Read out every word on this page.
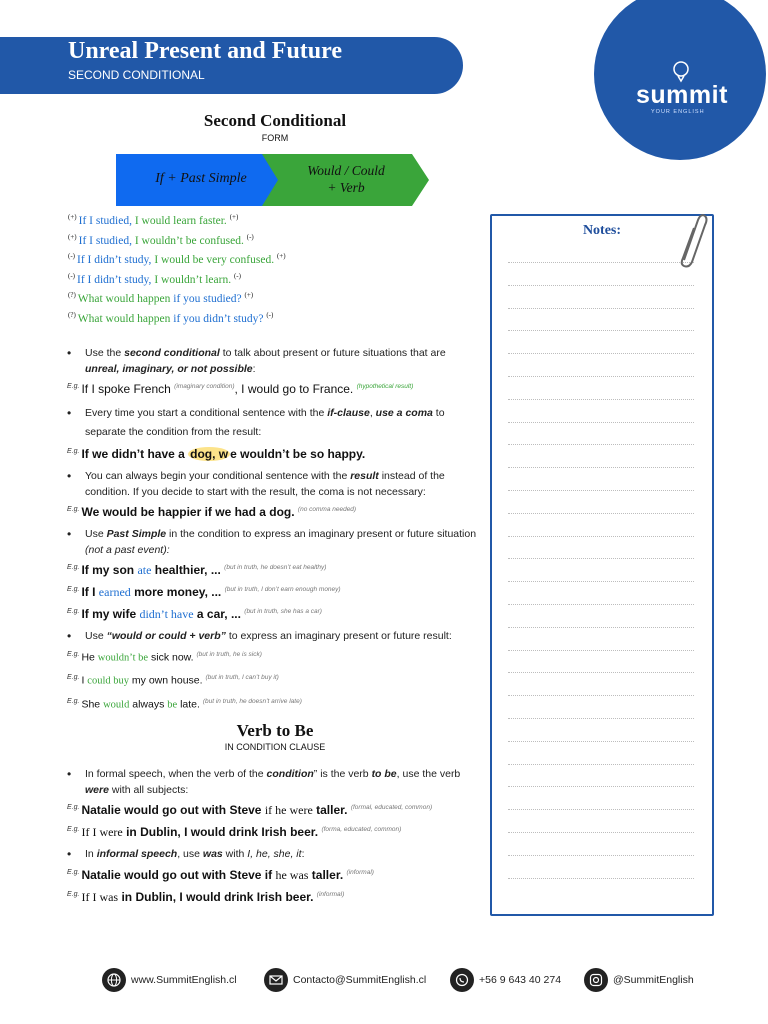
Unreal Present and Future
SECOND CONDITIONAL
summit
YOUR ENGLISH
Second Conditional
FORM
If + Past Simple
Would / Could
+ Verb
(+) If I studied, I would learn faster. (+)
(+) If I studied, I wouldn’t be confused. (-)
(-) If I didn’t study, I would be very confused. (+)
(-) If I didn’t study, I wouldn’t learn. (-)
(?) What would happen if you studied? (+)
(?) What would happen if you didn’t study? (-)
• Use the second conditional to talk about present or future situations that are unreal, imaginary, or not possible:
$^{E.g.}$ If I spoke French $^{(imaginary condition)}$, I would go to France. $^{(hypothetical result)}$
• Every time you start a conditional sentence with the if-clause, use a coma to separate the condition from the result:
$^{E.g.}$ If we didn’t have a dog, w e wouldn’t be so happy.
• You can always begin your conditional sentence with the result instead of the condition. If you decide to start with the result, the coma is not necessary:
$^{E.g.}$ We would be happier if we had a dog. $^{(no comma needed)}$
• Use Past Simple in the condition to express an imaginary present or future situation (not a past event):
$^{E.g.}$ If my son ate healthier, ... $^{(but in truth, he doesn’t eat healthy)}$
$^{E.g.}$ If I earned more money, ... $^{(but in truth, I don’t earn enough money)}$
$^{E.g.}$ If my wife didn’t have a car, ... $^{(but in truth, she has a car)}$
• Use “would or could + verb” to express an imaginary present or future result:
$^{E.g.}$ He wouldn’t be sick now. $^{(but in truth, he is sick)}$
$^{E.g.}$ I could buy my own house. $^{(but in truth, I can’t buy it)}$
$^{E.g.}$ She would always be late. $^{(but in truth, he doesn’t arrive late)}$
Verb to Be
IN CONDITION CLAUSE
• In formal speech, when the verb of the condition” is the verb to be, use the verb were with all subjects:
$^{E.g.}$ Natalie would go out with Steve if he were taller. $^{(formal, educated, common)}$
$^{E.g.}$ If I were in Dublin, I would drink Irish beer. $^{(forma, educated, common)}$
• In informal speech, use was with I, he, she, it:
$^{E.g.}$ Natalie would go out with Steve if he was taller. $^{(informal)}$
$^{E.g.}$ If I was in Dublin, I would drink Irish beer. $^{(informal)}$
Notes:
www.SummitEnglish.cl	Contacto@SummitEnglish.cl	+56 9 643 40 274	@SummitEnglish
